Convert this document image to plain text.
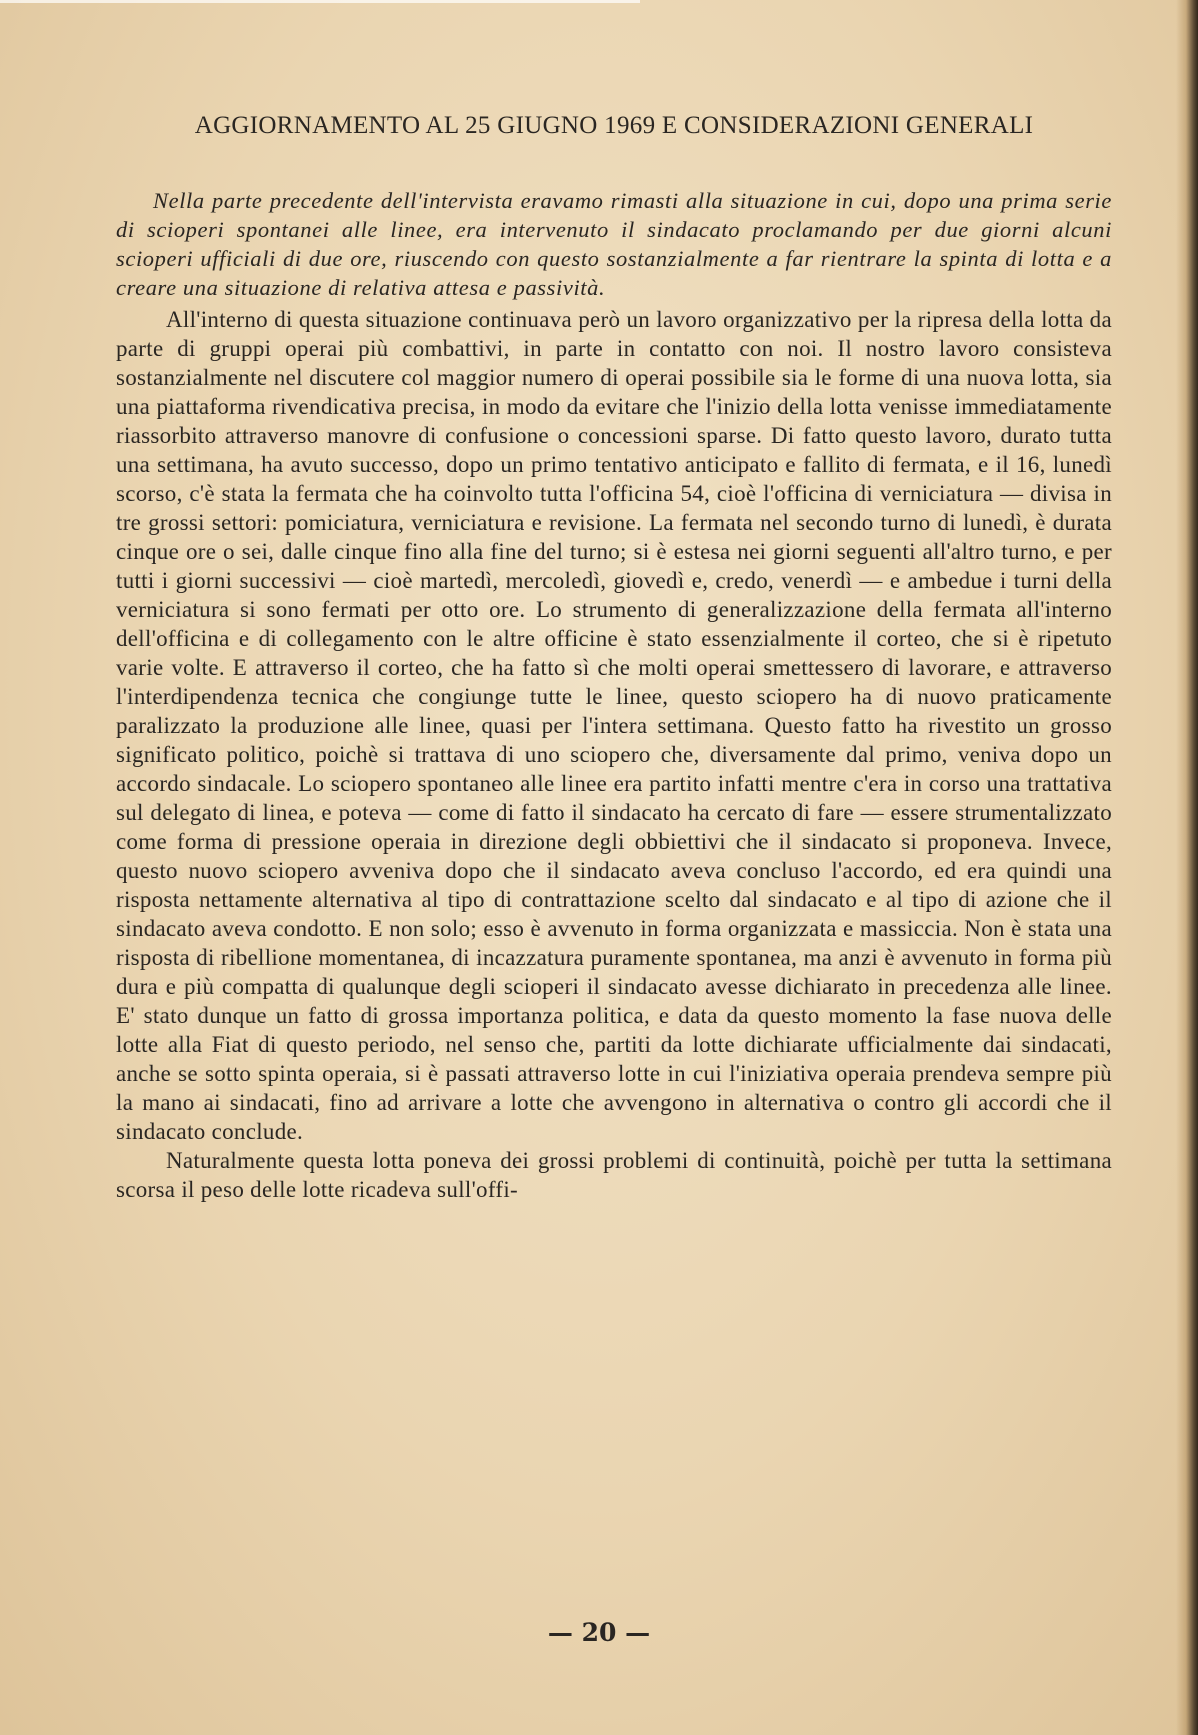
AGGIORNAMENTO AL 25 GIUGNO 1969 E CONSIDERAZIONI GENERALI

Nella parte precedente dell'intervista eravamo rimasti alla situazione in cui, dopo una prima serie di scioperi spontanei alle linee, era intervenuto il sindacato proclamando per due giorni alcuni scioperi ufficiali di due ore, riuscendo con questo sostanzialmente a far rientrare la spinta di lotta e a creare una situazione di relativa attesa e passività.

All'interno di questa situazione continuava però un lavoro organizzativo per la ripresa della lotta da parte di gruppi operai più combattivi, in parte in contatto con noi. Il nostro lavoro consisteva sostanzialmente nel discutere col maggior numero di operai possibile sia le forme di una nuova lotta, sia una piattaforma rivendicativa precisa, in modo da evitare che l'inizio della lotta venisse immediatamente riassorbito attraverso manovre di confusione o concessioni sparse. Di fatto questo lavoro, durato tutta una settimana, ha avuto successo, dopo un primo tentativo anticipato e fallito di fermata, e il 16, lunedì scorso, c'è stata la fermata che ha coinvolto tutta l'officina 54, cioè l'officina di verniciatura — divisa in tre grossi settori: pomiciatura, verniciatura e revisione. La fermata nel secondo turno di lunedì, è durata cinque ore o sei, dalle cinque fino alla fine del turno; si è estesa nei giorni seguenti all'altro turno, e per tutti i giorni successivi — cioè martedì, mercoledì, giovedì e, credo, venerdì — e ambedue i turni della verniciatura si sono fermati per otto ore. Lo strumento di generalizzazione della fermata all'interno dell'officina e di collegamento con le altre officine è stato essenzialmente il corteo, che si è ripetuto varie volte. E attraverso il corteo, che ha fatto sì che molti operai smettessero di lavorare, e attraverso l'interdipendenza tecnica che congiunge tutte le linee, questo sciopero ha di nuovo praticamente paralizzato la produzione alle linee, quasi per l'intera settimana. Questo fatto ha rivestito un grosso significato politico, poichè si trattava di uno sciopero che, diversamente dal primo, veniva dopo un accordo sindacale. Lo sciopero spontaneo alle linee era partito infatti mentre c'era in corso una trattativa sul delegato di linea, e poteva — come di fatto il sindacato ha cercato di fare — essere strumentalizzato come forma di pressione operaia in direzione degli obbiettivi che il sindacato si proponeva. Invece, questo nuovo sciopero avveniva dopo che il sindacato aveva concluso l'accordo, ed era quindi una risposta nettamente alternativa al tipo di contrattazione scelto dal sindacato e al tipo di azione che il sindacato aveva condotto. E non solo; esso è avvenuto in forma organizzata e massiccia. Non è stata una risposta di ribellione momentanea, di incazzatura puramente spontanea, ma anzi è avvenuto in forma più dura e più compatta di qualunque degli scioperi il sindacato avesse dichiarato in precedenza alle linee. E' stato dunque un fatto di grossa importanza politica, e data da questo momento la fase nuova delle lotte alla Fiat di questo periodo, nel senso che, partiti da lotte dichiarate ufficialmente dai sindacati, anche se sotto spinta operaia, si è passati attraverso lotte in cui l'iniziativa operaia prendeva sempre più la mano ai sindacati, fino ad arrivare a lotte che avvengono in alternativa o contro gli accordi che il sindacato conclude.

Naturalmente questa lotta poneva dei grossi problemi di continuità, poichè per tutta la settimana scorsa il peso delle lotte ricadeva sull'offi-

— 20 —
